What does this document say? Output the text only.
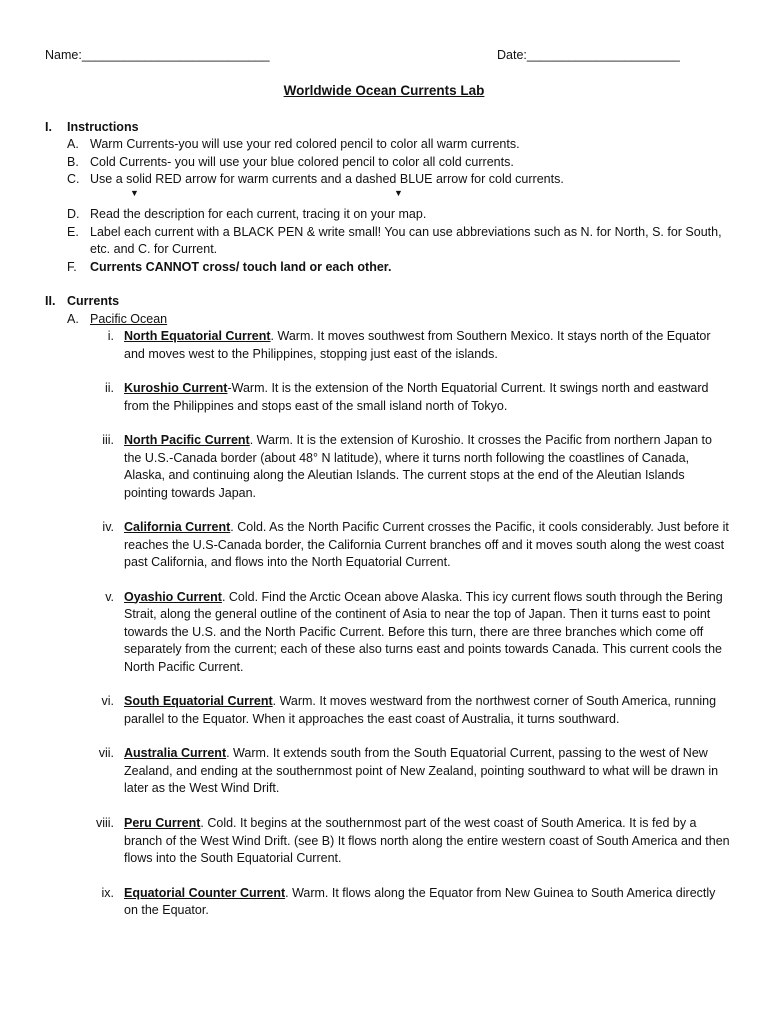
Name:___________________________	Date:______________________
Worldwide Ocean Currents Lab
I. Instructions
A. Warm Currents-you will use your red colored pencil to color all warm currents.
B. Cold Currents- you will use your blue colored pencil to color all cold currents.
C. Use a solid RED arrow for warm currents and a dashed BLUE arrow for cold currents.
▼	▼
D. Read the description for each current, tracing it on your map.
E. Label each current with a BLACK PEN & write small! You can use abbreviations such as N. for North, S. for South, etc. and C. for Current.
F.	Currents CANNOT cross/ touch land or each other.
II. Currents
A. Pacific Ocean
i. North Equatorial Current. Warm. It moves southwest from Southern Mexico. It stays north of the Equator and moves west to the Philippines, stopping just east of the islands.
ii. Kuroshio Current-Warm. It is the extension of the North Equatorial Current. It swings north and eastward from the Philippines and stops east of the small island north of Tokyo.
iii. North Pacific Current. Warm. It is the extension of Kuroshio. It crosses the Pacific from northern Japan to the U.S.-Canada border (about 48° N latitude), where it turns north following the coastlines of Canada, Alaska, and continuing along the Aleutian Islands. The current stops at the end of the Aleutian Islands pointing towards Japan.
iv. California Current. Cold. As the North Pacific Current crosses the Pacific, it cools considerably. Just before it reaches the U.S-Canada border, the California Current branches off and it moves south along the west coast past California, and flows into the North Equatorial Current.
v. Oyashio Current. Cold. Find the Arctic Ocean above Alaska. This icy current flows south through the Bering Strait, along the general outline of the continent of Asia to near the top of Japan. Then it turns east to point towards the U.S. and the North Pacific Current. Before this turn, there are three branches which come off separately from the current; each of these also turns east and points towards Canada. This current cools the North Pacific Current.
vi. South Equatorial Current. Warm. It moves westward from the northwest corner of South America, running parallel to the Equator. When it approaches the east coast of Australia, it turns southward.
vii. Australia Current. Warm. It extends south from the South Equatorial Current, passing to the west of New Zealand, and ending at the southernmost point of New Zealand, pointing southward to what will be drawn in later as the West Wind Drift.
viii. Peru Current. Cold. It begins at the southernmost part of the west coast of South America. It is fed by a branch of the West Wind Drift. (see B) It flows north along the entire western coast of South America and then flows into the South Equatorial Current.
ix. Equatorial Counter Current. Warm. It flows along the Equator from New Guinea to South America directly on the Equator.
